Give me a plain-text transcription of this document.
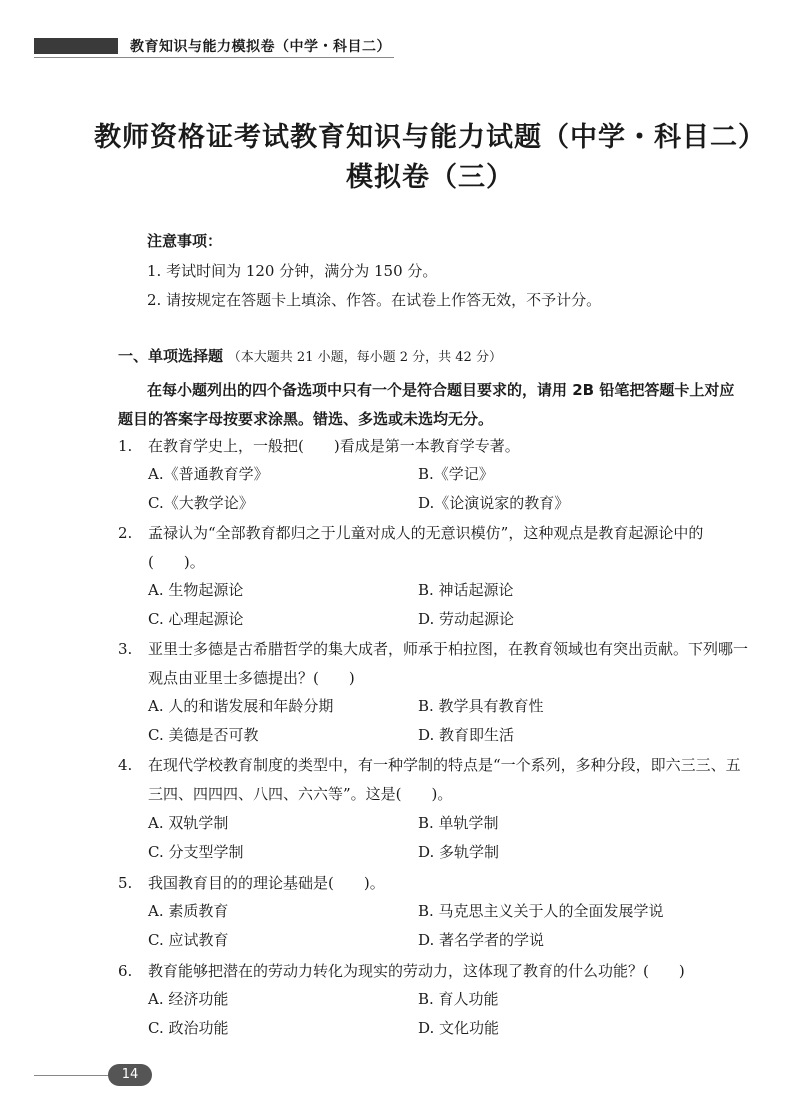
教育知识与能力模拟卷（中学・科目二）
教师资格证考试教育知识与能力试题（中学・科目二）
模拟卷（三）
注意事项：
1. 考试时间为 120 分钟，满分为 150 分。
2. 请按规定在答题卡上填涂、作答。在试卷上作答无效，不予计分。
一、单项选择题 （本大题共 21 小题，每小题 2 分，共 42 分）
在每小题列出的四个备选项中只有一个是符合题目要求的，请用 2B 铅笔把答题卡上对应题目的答案字母按要求涂黑。错选、多选或未选均无分。
1. 在教育学史上，一般把(　　)看成是第一本教育学专著。
A.《普通教育学》	B.《学记》
C.《大教学论》	D.《论演说家的教育》
2. 孟禄认为“全部教育都归之于儿童对成人的无意识模仿”，这种观点是教育起源论中的(　　)。
A. 生物起源论	B. 神话起源论
C. 心理起源论	D. 劳动起源论
3. 亚里士多德是古希腊哲学的集大成者，师承于柏拉图，在教育领域也有突出贡献。下列哪一观点由亚里士多德提出？(　　)
A. 人的和谐发展和年龄分期	B. 教学具有教育性
C. 美德是否可教	D. 教育即生活
4. 在现代学校教育制度的类型中，有一种学制的特点是“一个系列，多种分段，即六三三、五三四、四四四、八四、六六等”。这是(　　)。
A. 双轨学制	B. 单轨学制
C. 分支型学制	D. 多轨学制
5. 我国教育目的的理论基础是(　　)。
A. 素质教育	B. 马克思主义关于人的全面发展学说
C. 应试教育	D. 著名学者的学说
6. 教育能够把潜在的劳动力转化为现实的劳动力，这体现了教育的什么功能？(　　)
A. 经济功能	B. 育人功能
C. 政治功能	D. 文化功能
14
